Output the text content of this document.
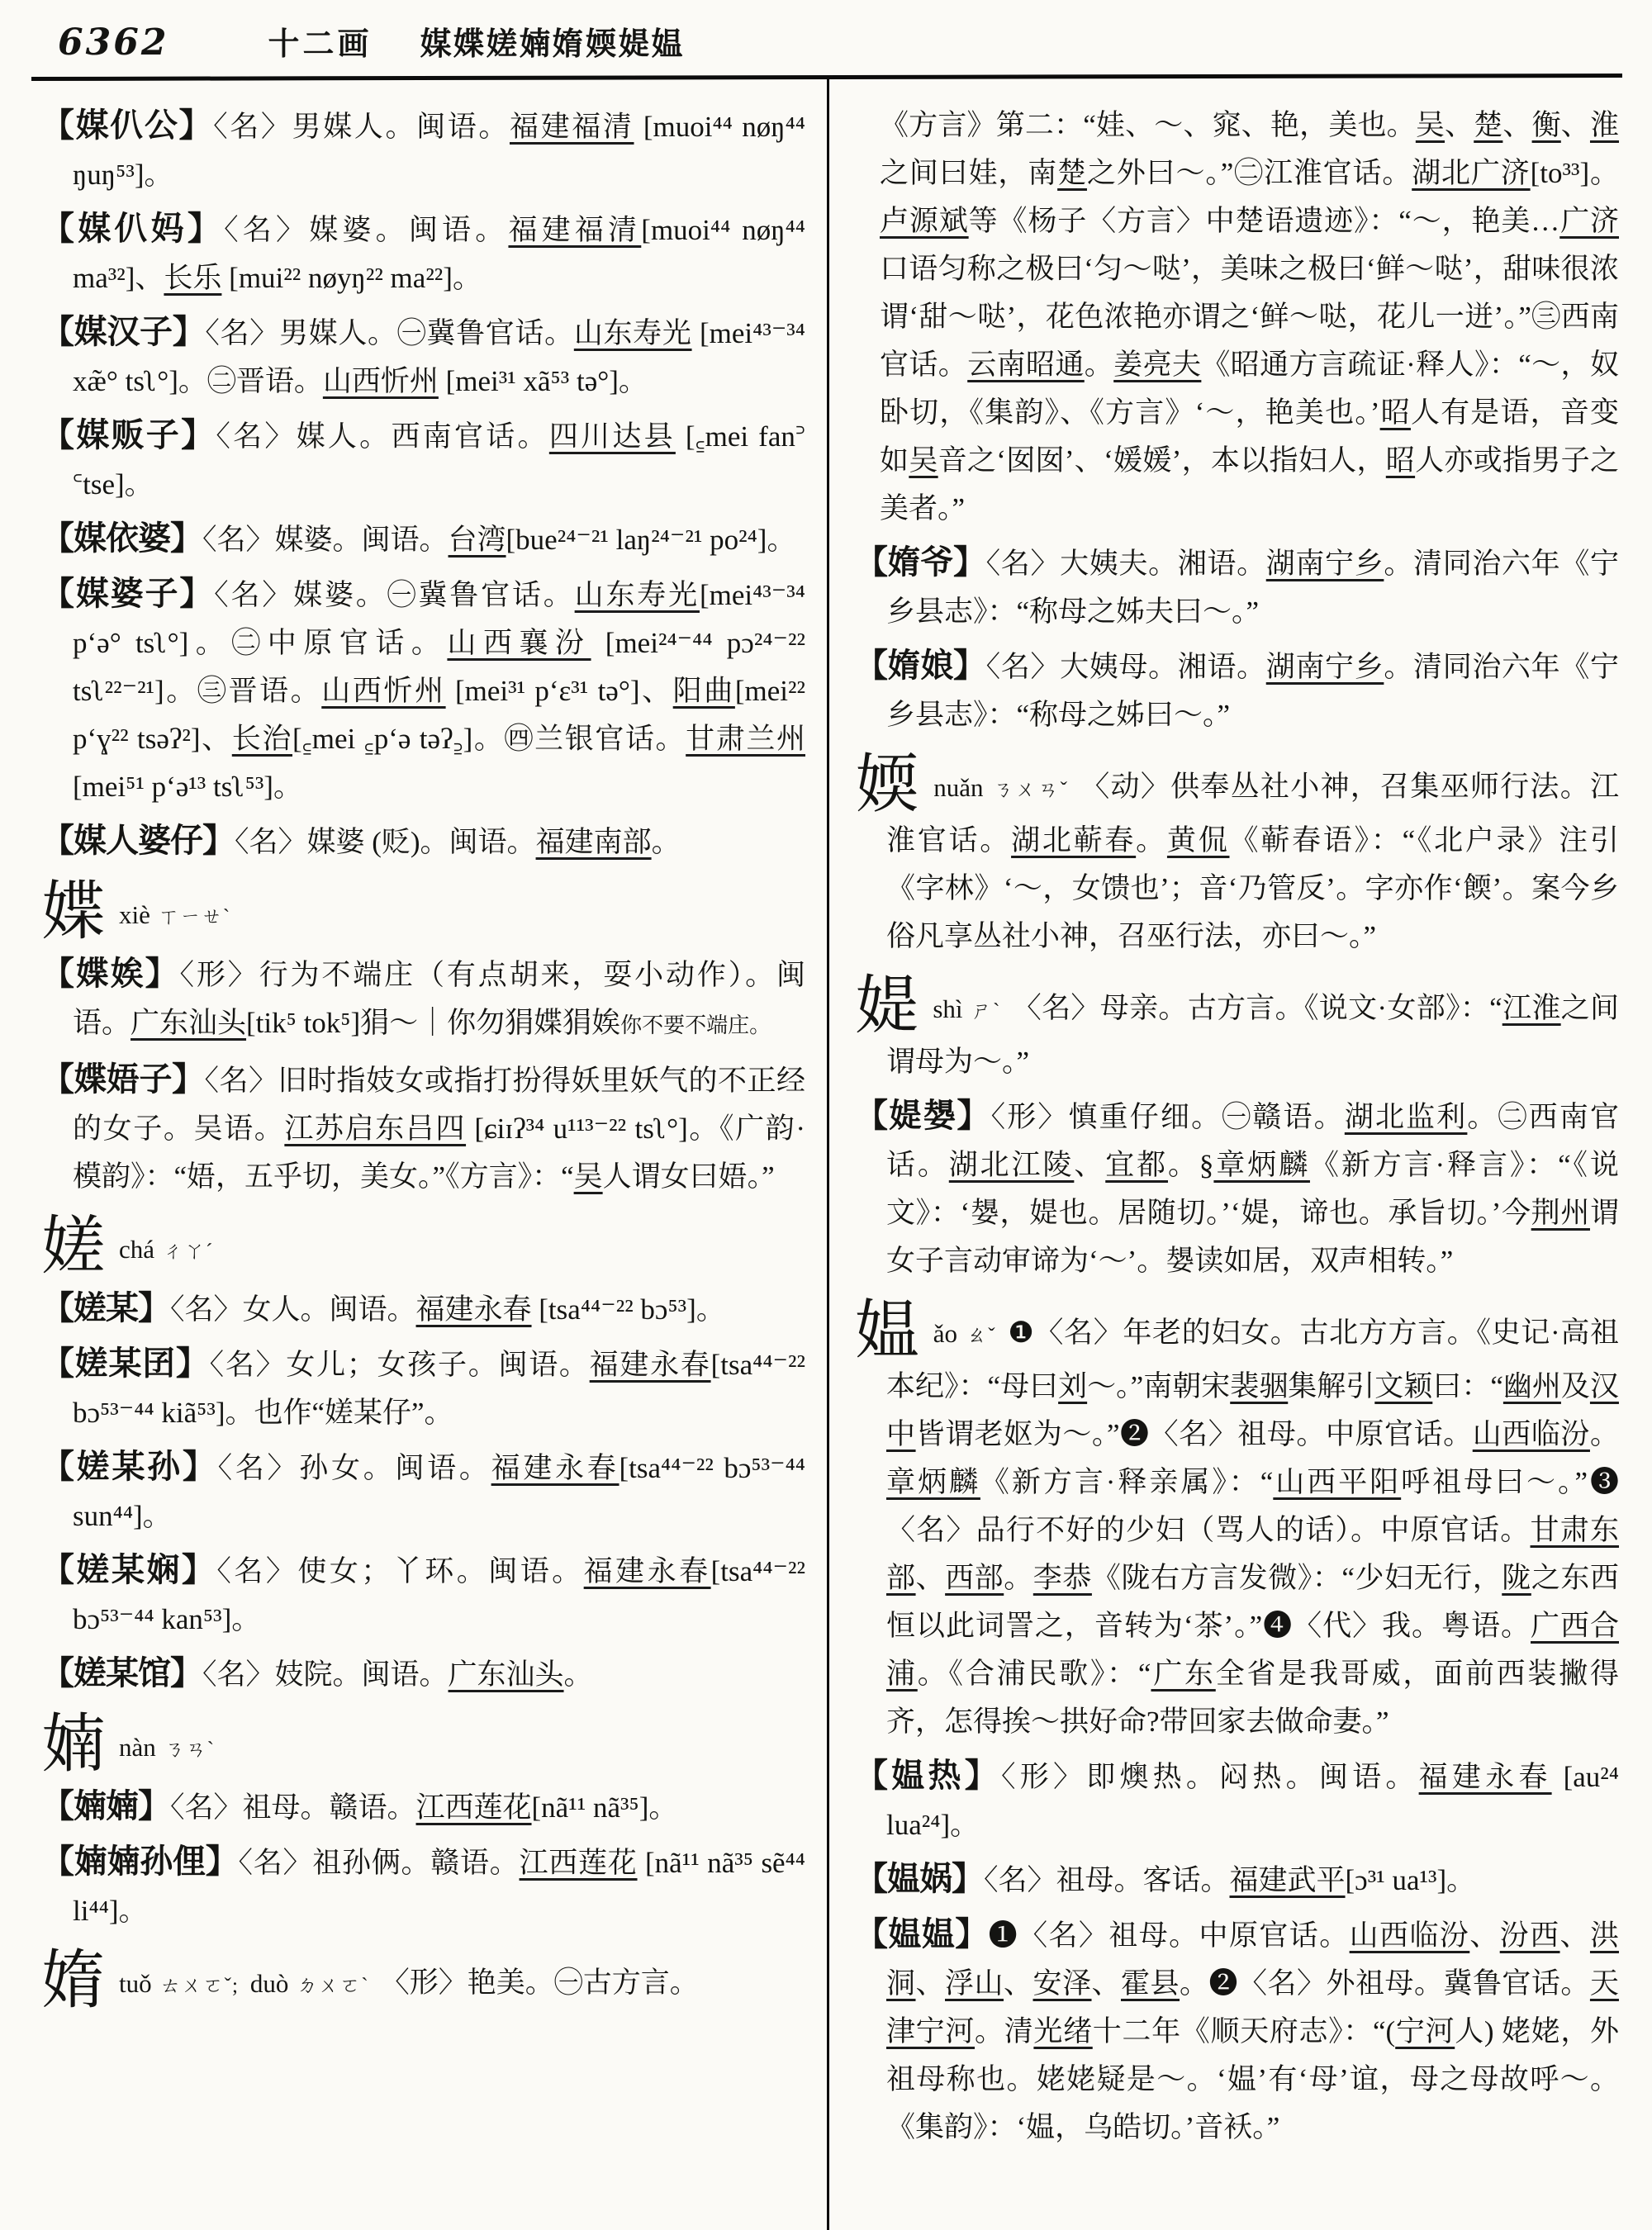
6362	十二画 媒媟嫅婻媠媆媞媪

【媒仈公】〈名〉男媒人。闽语。福建福清 [muoi⁴⁴ nøŋ⁴⁴ ŋuŋ⁵³]。

【媒仈妈】〈名〉媒婆。闽语。福建福清[muoi⁴⁴ nøŋ⁴⁴ ma³²]、长乐 [mui²² nøyŋ²² ma²²]。

【媒汉子】〈名〉男媒人。㊀冀鲁官话。山东寿光 [mei⁴³⁻³⁴ xæ̃° tsʅ°]。㊁晋语。山西忻州 [mei³¹ xã⁵³ tə°]。

【媒贩子】〈名〉媒人。西南官话。四川达县 [꜁mei fan꜄ ꜂tse]。

【媒依婆】〈名〉媒婆。闽语。台湾[bue²⁴⁻²¹ laŋ²⁴⁻²¹ po²⁴]。

【媒婆子】〈名〉媒婆。㊀冀鲁官话。山东寿光[mei⁴³⁻³⁴ pʻə° tsʅ°]。㊁中原官话。山西襄汾 [mei²⁴⁻⁴⁴ pɔ²⁴⁻²² tsʅ²²⁻²¹]。㊂晋语。山西忻州 [mei³¹ pʻɛ³¹ tə°]、阳曲[mei²² pʻɣ²² tsəʔ²]、长治[꜁mei ꜁pʻə təʔ꜇]。㊃兰银官话。甘肃兰州[mei⁵¹ pʻə¹³ tsʅ⁵³]。

【媒人婆仔】〈名〉媒婆 (贬)。闽语。福建南部。

媟xiè ㄒㄧㄝˋ

【媟娭】〈形〉行为不端庄（有点胡来，耍小动作）。闽语。广东汕头[tik⁵ tok⁵]狷～｜你勿狷媟狷娭你不要不端庄。

【媟娪子】〈名〉旧时指妓女或指打扮得妖里妖气的不正经的女子。吴语。江苏启东吕四 [ɕiɪʔ³⁴ u¹¹³⁻²² tsʅ°]。《广韵·模韵》：“娪，五乎切，美女。”《方言》：“吴人谓女曰娪。”

嫅chá ㄔㄚˊ

【嫅某】〈名〉女人。闽语。福建永春 [tsa⁴⁴⁻²² bɔ⁵³]。

【嫅某囝】〈名〉女儿；女孩子。闽语。福建永春[tsa⁴⁴⁻²² bɔ⁵³⁻⁴⁴ kiã⁵³]。也作“嫅某仔”。

【嫅某孙】〈名〉孙女。闽语。福建永春[tsa⁴⁴⁻²² bɔ⁵³⁻⁴⁴ sun⁴⁴]。

【嫅某娴】〈名〉使女；丫环。闽语。福建永春[tsa⁴⁴⁻²² bɔ⁵³⁻⁴⁴ kan⁵³]。

【嫅某馆】〈名〉妓院。闽语。广东汕头。

婻nàn ㄋㄢˋ

【婻婻】〈名〉祖母。赣语。江西莲花[nã¹¹ nã³⁵]。

【婻婻孙俚】〈名〉祖孙俩。赣语。江西莲花 [nã¹¹ nã³⁵ sẽ⁴⁴ li⁴⁴]。

媠tuǒ ㄊㄨㄛˇ; duò ㄉㄨㄛˋ 〈形〉艳美。㊀古方言。

《方言》第二：“娃、～、窕、艳，美也。吴、楚、衡、淮之间曰娃，南楚之外曰～。”㊁江淮官话。湖北广济[to³³]。卢源斌等《杨子〈方言〉中楚语遗迹》：“～，艳美…广济口语匀称之极曰‘匀～哒’，美味之极曰‘鲜～哒’，甜味很浓谓‘甜～哒’，花色浓艳亦谓之‘鲜～哒，花儿一迸’。”㊂西南官话。云南昭通。姜亮夫《昭通方言疏证·释人》：“～，奴卧切，《集韵》、《方言》‘～，艳美也。’昭人有是语，音变如吴音之‘囡囡’、‘媛媛’，本以指妇人，昭人亦或指男子之美者。”

【媠爷】〈名〉大姨夫。湘语。湖南宁乡。清同治六年《宁乡县志》：“称母之姊夫曰～。”

【媠娘】〈名〉大姨母。湘语。湖南宁乡。清同治六年《宁乡县志》：“称母之姊曰～。”

媆nuǎn ㄋㄨㄢˇ 〈动〉供奉丛社小神，召集巫师行法。江淮官话。湖北蕲春。黄侃《蕲春语》：“《北户录》注引《字林》‘～，女馈也’；音‘乃管反’。字亦作‘餪’。案今乡俗凡享丛社小神，召巫行法，亦曰～。”

媞shì ㄕˋ 〈名〉母亲。古方言。《说文·女部》：“江淮之间谓母为～。”

【媞嫢】〈形〉慎重仔细。㊀赣语。湖北监利。㊁西南官话。湖北江陵、宜都。§章炳麟《新方言·释言》：“《说文》：‘嫢，媞也。居随切。’‘媞，谛也。承旨切。’今荆州谓女子言动审谛为‘～’。嫢读如居，双声相转。”

媪ǎo ㄠˇ ❶〈名〉年老的妇女。古北方方言。《史记·高祖本纪》：“母曰刘～。”南朝宋裴骃集解引文颖曰：“幽州及汉中皆谓老妪为～。”❷〈名〉祖母。中原官话。山西临汾。章炳麟《新方言·释亲属》：“山西平阳呼祖母曰～。”❸〈名〉品行不好的少妇（骂人的话）。中原官话。甘肃东部、西部。李恭《陇右方言发微》：“少妇无行，陇之东西恒以此词詈之，音转为‘茶’。”❹〈代〉我。粤语。广西合浦。《合浦民歌》：“广东全省是我哥威，面前西装撇得齐，怎得挨～拱好命?带回家去做命妻。”

【媪热】〈形〉即燠热。闷热。闽语。福建永春 [au²⁴ lua²⁴]。

【媪娲】〈名〉祖母。客话。福建武平[ɔ³¹ ua¹³]。

【媪媪】❶〈名〉祖母。中原官话。山西临汾、汾西、洪洞、浮山、安泽、霍县。❷〈名〉外祖母。冀鲁官话。天津宁河。清光绪十二年《顺天府志》：“(宁河人) 姥姥，外祖母称也。姥姥疑是～。‘媪’有‘母’谊，母之母故呼～。《集韵》：‘媪，乌皓切。’音袄。”
